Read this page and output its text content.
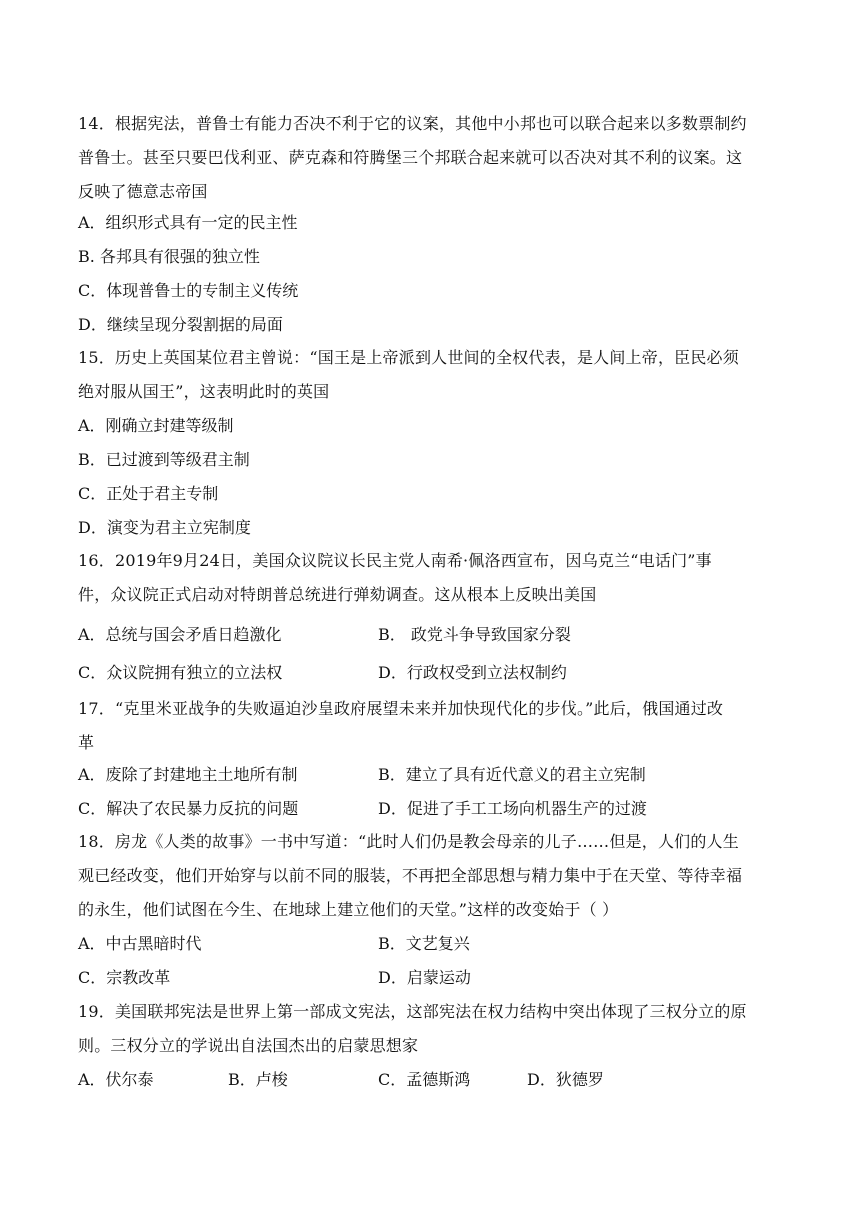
14．根据宪法，普鲁士有能力否决不利于它的议案，其他中小邦也可以联合起来以多数票制约
普鲁士。甚至只要巴伐利亚、萨克森和符腾堡三个邦联合起来就可以否决对其不利的议案。这
反映了德意志帝国
A．组织形式具有一定的民主性
B. 各邦具有很强的独立性
C．体现普鲁士的专制主义传统
D．继续呈现分裂割据的局面
15．历史上英国某位君主曾说：“国王是上帝派到人世间的全权代表，是人间上帝，臣民必须
绝对服从国王”，这表明此时的英国
A．刚确立封建等级制
B．已过渡到等级君主制
C．正处于君主专制
D．演变为君主立宪制度
16．2019年9月24日，美国众议院议长民主党人南希·佩洛西宣布，因乌克兰“电话门”事
件，众议院正式启动对特朗普总统进行弹劾调查。这从根本上反映出美国
A．总统与国会矛盾日趋激化	B． 政党斗争导致国家分裂
C．众议院拥有独立的立法权	D．行政权受到立法权制约
17．“克里米亚战争的失败逼迫沙皇政府展望未来并加快现代化的步伐。”此后，俄国通过改
革
A．废除了封建地主土地所有制	B．建立了具有近代意义的君主立宪制
C．解决了农民暴力反抗的问题	D．促进了手工工场向机器生产的过渡
18．房龙《人类的故事》一书中写道：“此时人们仍是教会母亲的儿子……但是，人们的人生
观已经改变，他们开始穿与以前不同的服装，不再把全部思想与精力集中于在天堂、等待幸福
的永生，他们试图在今生、在地球上建立他们的天堂。”这样的改变始于（ ）
A．中古黑暗时代	B．文艺复兴
C．宗教改革	D．启蒙运动
19．美国联邦宪法是世界上第一部成文宪法，这部宪法在权力结构中突出体现了三权分立的原
则。三权分立的学说出自法国杰出的启蒙思想家
A．伏尔泰	B．卢梭	C．孟德斯鸿	D．狄德罗
